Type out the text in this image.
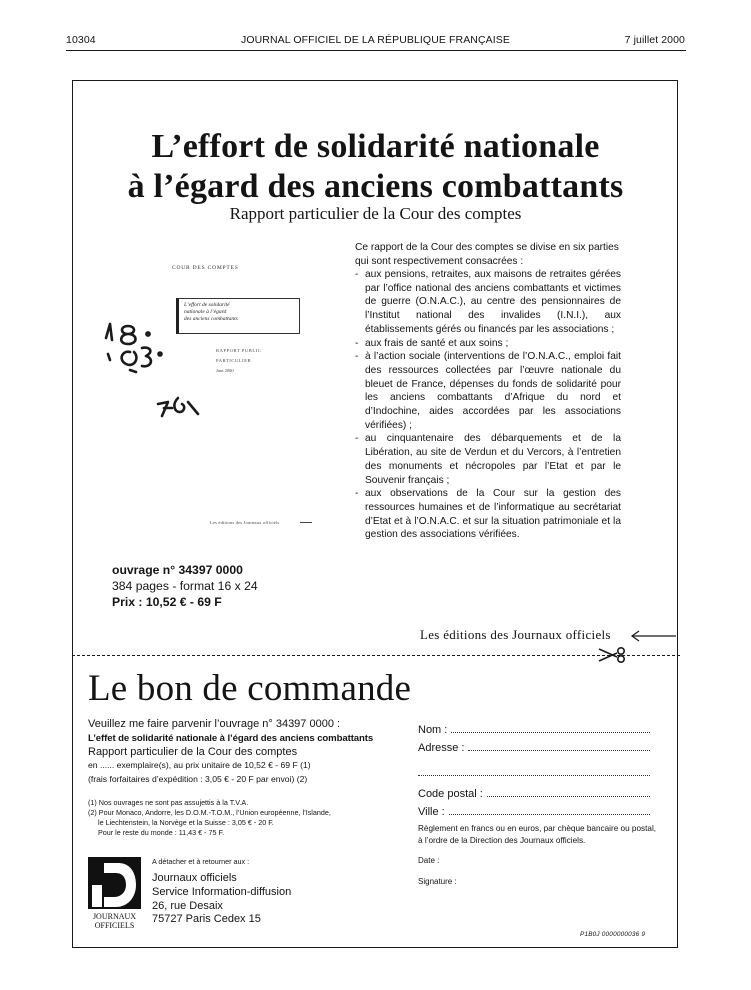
10304	JOURNAL OFFICIEL DE LA RÉPUBLIQUE FRANÇAISE	7 juillet 2000
L’effort de solidarité nationale
à l’égard des anciens combattants
Rapport particulier de la Cour des comptes
COUR DES COMPTES
L’effort de solidarité
nationale à l’égard
des anciens combattants
RAPPORT PUBLIC
PARTICULIER
Juin 2000
Les éditions des Journaux officiels
Ce rapport de la Cour des comptes se divise en six parties qui sont respectivement consacrées :
- aux pensions, retraites, aux maisons de retraites gérées par l’office national des anciens combattants et victimes de guerre (O.N.A.C.), au centre des pensionnaires de l’Institut national des invalides (I.N.I.), aux établissements gérés ou financés par les associations ;
- aux frais de santé et aux soins ;
- à l’action sociale (interventions de l’O.N.A.C., emploi fait des ressources collectées par l’œuvre nationale du bleuet de France, dépenses du fonds de solidarité pour les anciens combattants d’Afrique du nord et d’Indochine, aides accordées par les associations vérifiées) ;
- au cinquantenaire des débarquements et de la Libération, au site de Verdun et du Vercors, à l’entretien des monuments et nécropoles par l’Etat et par le Souvenir français ;
- aux observations de la Cour sur la gestion des ressources humaines et de l’informatique au secrétariat d’Etat et à l’O.N.A.C. et sur la situation patrimoniale et la gestion des associations vérifiées.
ouvrage n° 34397 0000
384 pages - format 16 x 24
Prix : 10,52 € - 69 F
Les éditions des Journaux officiels
Le bon de commande
Veuillez me faire parvenir l’ouvrage n° 34397 0000 :
L’effet de solidarité nationale à l’égard des anciens combattants
Rapport particulier de la Cour des comptes
en ...... exemplaire(s), au prix unitaire de 10,52 € - 69 F (1)
(frais forfaitaires d’expédition : 3,05 € - 20 F par envoi) (2)
(1) Nos ouvrages ne sont pas assujettis à la T.V.A.
(2) Pour Monaco, Andorre, les D.O.M.-T.O.M., l’Union européenne, l’Islande,
le Liechtenstein, la Norvège et la Suisse : 3,05 € - 20 F.
Pour le reste du monde : 11,43 € - 75 F.
JOURNAUX
OFFICIELS
A détacher et à retourner aux :
Journaux officiels
Service Information-diffusion
26, rue Desaix
75727 Paris Cedex 15
Nom :
Adresse :
Code postal :
Ville :
Règlement en francs ou en euros, par chèque bancaire ou postal, à l’ordre de la Direction des Journaux officiels.
Date :
Signature :
P1B0J 0000000036 9
